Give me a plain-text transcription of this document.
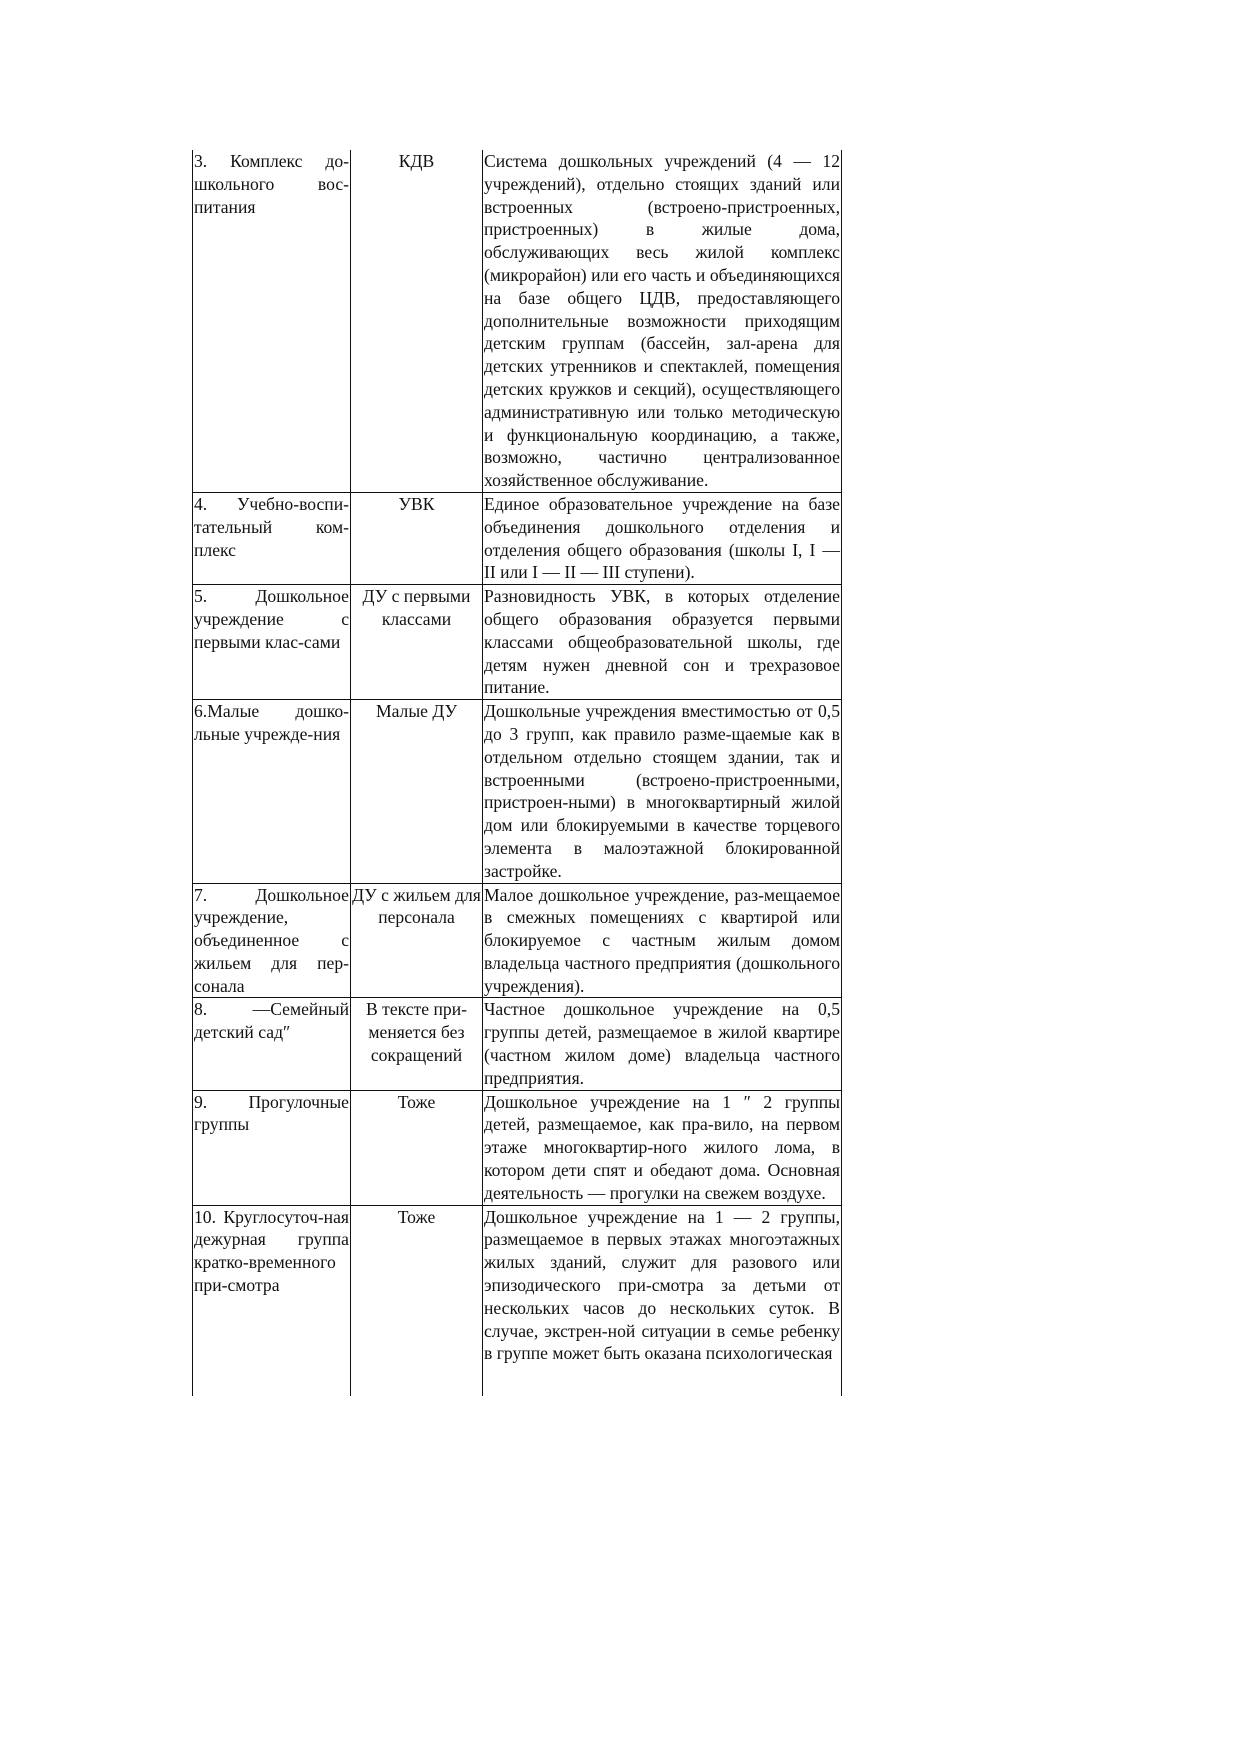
3. Комплекс до-школьного вос-питания	КДВ	Система дошкольных учреждений (4 — 12 учреждений), отдельно стоящих зданий или встроенных (встроено-пристроенных, пристроенных) в жилые дома, обслуживающих весь жилой комплекс (микрорайон) или его часть и объединяющихся на базе общего ЦДВ, предоставляющего дополнительные возможности приходящим детским группам (бассейн, зал-арена для детских утренников и спектаклей, помещения детских кружков и секций), осуществляющего административную или только методическую и функциональную координацию, а также, возможно, частично централизованное хозяйственное обслуживание.
4. Учебно-воспи-тательный ком-плекс	УВК	Единое образовательное учреждение на базе объединения дошкольного отделения и отделения общего образования (школы I, I — II или I — II — III ступени).
5. Дошкольное учреждение с первыми клас-сами	ДУ с первыми классами	Разновидность УВК, в которых отделение общего образования образуется первыми классами общеобразовательной школы, где детям нужен дневной сон и трехразовое питание.
6.Малые дошко-льные учрежде-ния	Малые ДУ	Дошкольные учреждения вместимостью от 0,5 до 3 групп, как правило разме-щаемые как в отдельном отдельно стоящем здании, так и встроенными (встроено-пристроенными, пристроен-ными) в многоквартирный жилой дом или блокируемыми в качестве торцевого элемента в малоэтажной блокированной застройке.
7. Дошкольное учреждение, объединенное с жильем для пер-сонала	ДУ с жильем для персонала	Малое дошкольное учреждение, раз-мещаемое в смежных помещениях с квартирой или блокируемое с частным жилым домом владельца частного предприятия (дошкольного учреждения).
8. ―Семейный детский сад″	В тексте при-меняется без сокращений	Частное дошкольное учреждение на 0,5 группы детей, размещаемое в жилой квартире (частном жилом доме) владельца частного предприятия.
9. Прогулочные группы	Тоже	Дошкольное учреждение на 1 ″ 2 группы детей, размещаемое, как пра-вило, на первом этаже многоквартир-ного жилого лома, в котором дети спят и обедают дома. Основная деятельность — прогулки на свежем воздухе.
10. Круглосуточ-ная дежурная группа кратко-временного при-смотра	Тоже	Дошкольное учреждение на 1 — 2 группы, размещаемое в первых этажах многоэтажных жилых зданий, служит для разового или эпизодического при-смотра за детьми от нескольких часов до нескольких суток. В случае, экстрен-ной ситуации в семье ребенку в группе может быть оказана психологическая
